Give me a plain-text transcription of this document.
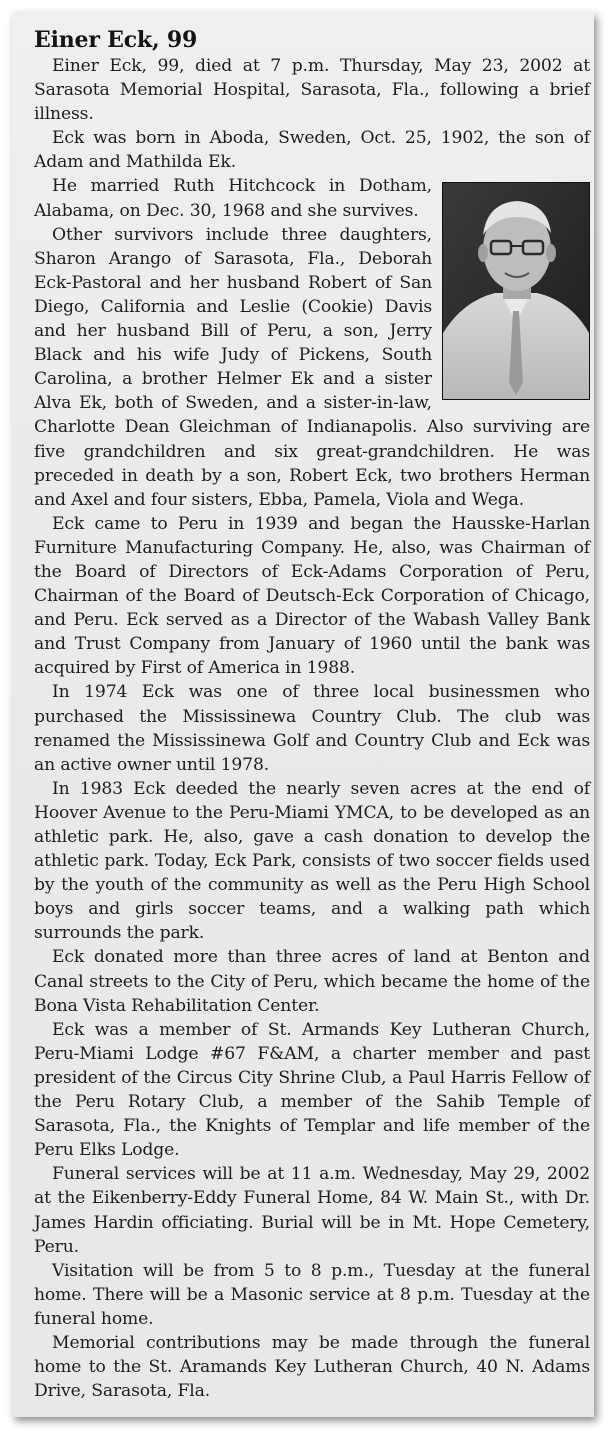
Einer Eck, 99

Einer Eck, 99, died at 7 p.m. Thursday, May 23, 2002 at Sarasota Memorial Hospital, Sarasota, Fla., following a brief illness.

Eck was born in Aboda, Sweden, Oct. 25, 1902, the son of Adam and Mathilda Ek.

He married Ruth Hitchcock in Dotham, Alabama, on Dec. 30, 1968 and she survives.

Other survivors include three daughters, Sharon Arango of Sarasota, Fla., Deborah Eck-Pastoral and her husband Robert of San Diego, California and Leslie (Cookie) Davis and her husband Bill of Peru, a son, Jerry Black and his wife Judy of Pickens, South Carolina, a brother Helmer Ek and a sister Alva Ek, both of Sweden, and a sister-in-law, Charlotte Dean Gleichman of Indianapolis. Also surviving are five grandchildren and six great-grandchildren. He was preceded in death by a son, Robert Eck, two brothers Herman and Axel and four sisters, Ebba, Pamela, Viola and Wega.

Eck came to Peru in 1939 and began the Hausske-Harlan Furniture Manufacturing Company. He, also, was Chairman of the Board of Directors of Eck-Adams Corporation of Peru, Chairman of the Board of Deutsch-Eck Corporation of Chicago, and Peru. Eck served as a Director of the Wabash Valley Bank and Trust Company from January of 1960 until the bank was acquired by First of America in 1988.

In 1974 Eck was one of three local businessmen who purchased the Mississinewa Country Club. The club was renamed the Mississinewa Golf and Country Club and Eck was an active owner until 1978.

In 1983 Eck deeded the nearly seven acres at the end of Hoover Avenue to the Peru-Miami YMCA, to be developed as an athletic park. He, also, gave a cash donation to develop the athletic park. Today, Eck Park, consists of two soccer fields used by the youth of the community as well as the Peru High School boys and girls soccer teams, and a walking path which surrounds the park.

Eck donated more than three acres of land at Benton and Canal streets to the City of Peru, which became the home of the Bona Vista Rehabilitation Center.

Eck was a member of St. Armands Key Lutheran Church, Peru-Miami Lodge #67 F&AM, a charter member and past president of the Circus City Shrine Club, a Paul Harris Fellow of the Peru Rotary Club, a member of the Sahib Temple of Sarasota, Fla., the Knights of Templar and life member of the Peru Elks Lodge.

Funeral services will be at 11 a.m. Wednesday, May 29, 2002 at the Eikenberry-Eddy Funeral Home, 84 W. Main St., with Dr. James Hardin officiating. Burial will be in Mt. Hope Cemetery, Peru.

Visitation will be from 5 to 8 p.m., Tuesday at the funeral home. There will be a Masonic service at 8 p.m. Tuesday at the funeral home.

Memorial contributions may be made through the funeral home to the St. Aramands Key Lutheran Church, 40 N. Adams Drive, Sarasota, Fla.
